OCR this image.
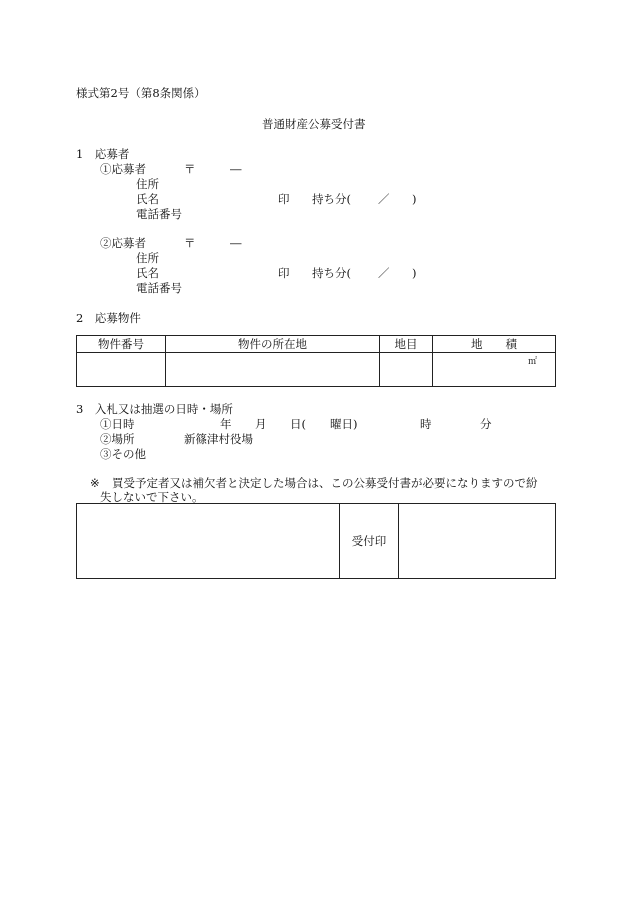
様式第2号（第8条関係）
普通財産公募受付書
1　応募者
①応募者	〒	―
住所
氏名	印 持ち分( ／ )
電話番号
②応募者	〒	―
住所
氏名	印 持ち分( ／ )
電話番号
2　応募物件
物件番号	物件の所在地	地目	地　　積
			㎡
3　入札又は抽選の日時・場所
①日時	年 月 日( 曜日)	時	分
②場所	新篠津村役場
③その他
※ 買受予定者又は補欠者と決定した場合は、この公募受付書が必要になりますので紛
失しないで下さい。
	受付印	
